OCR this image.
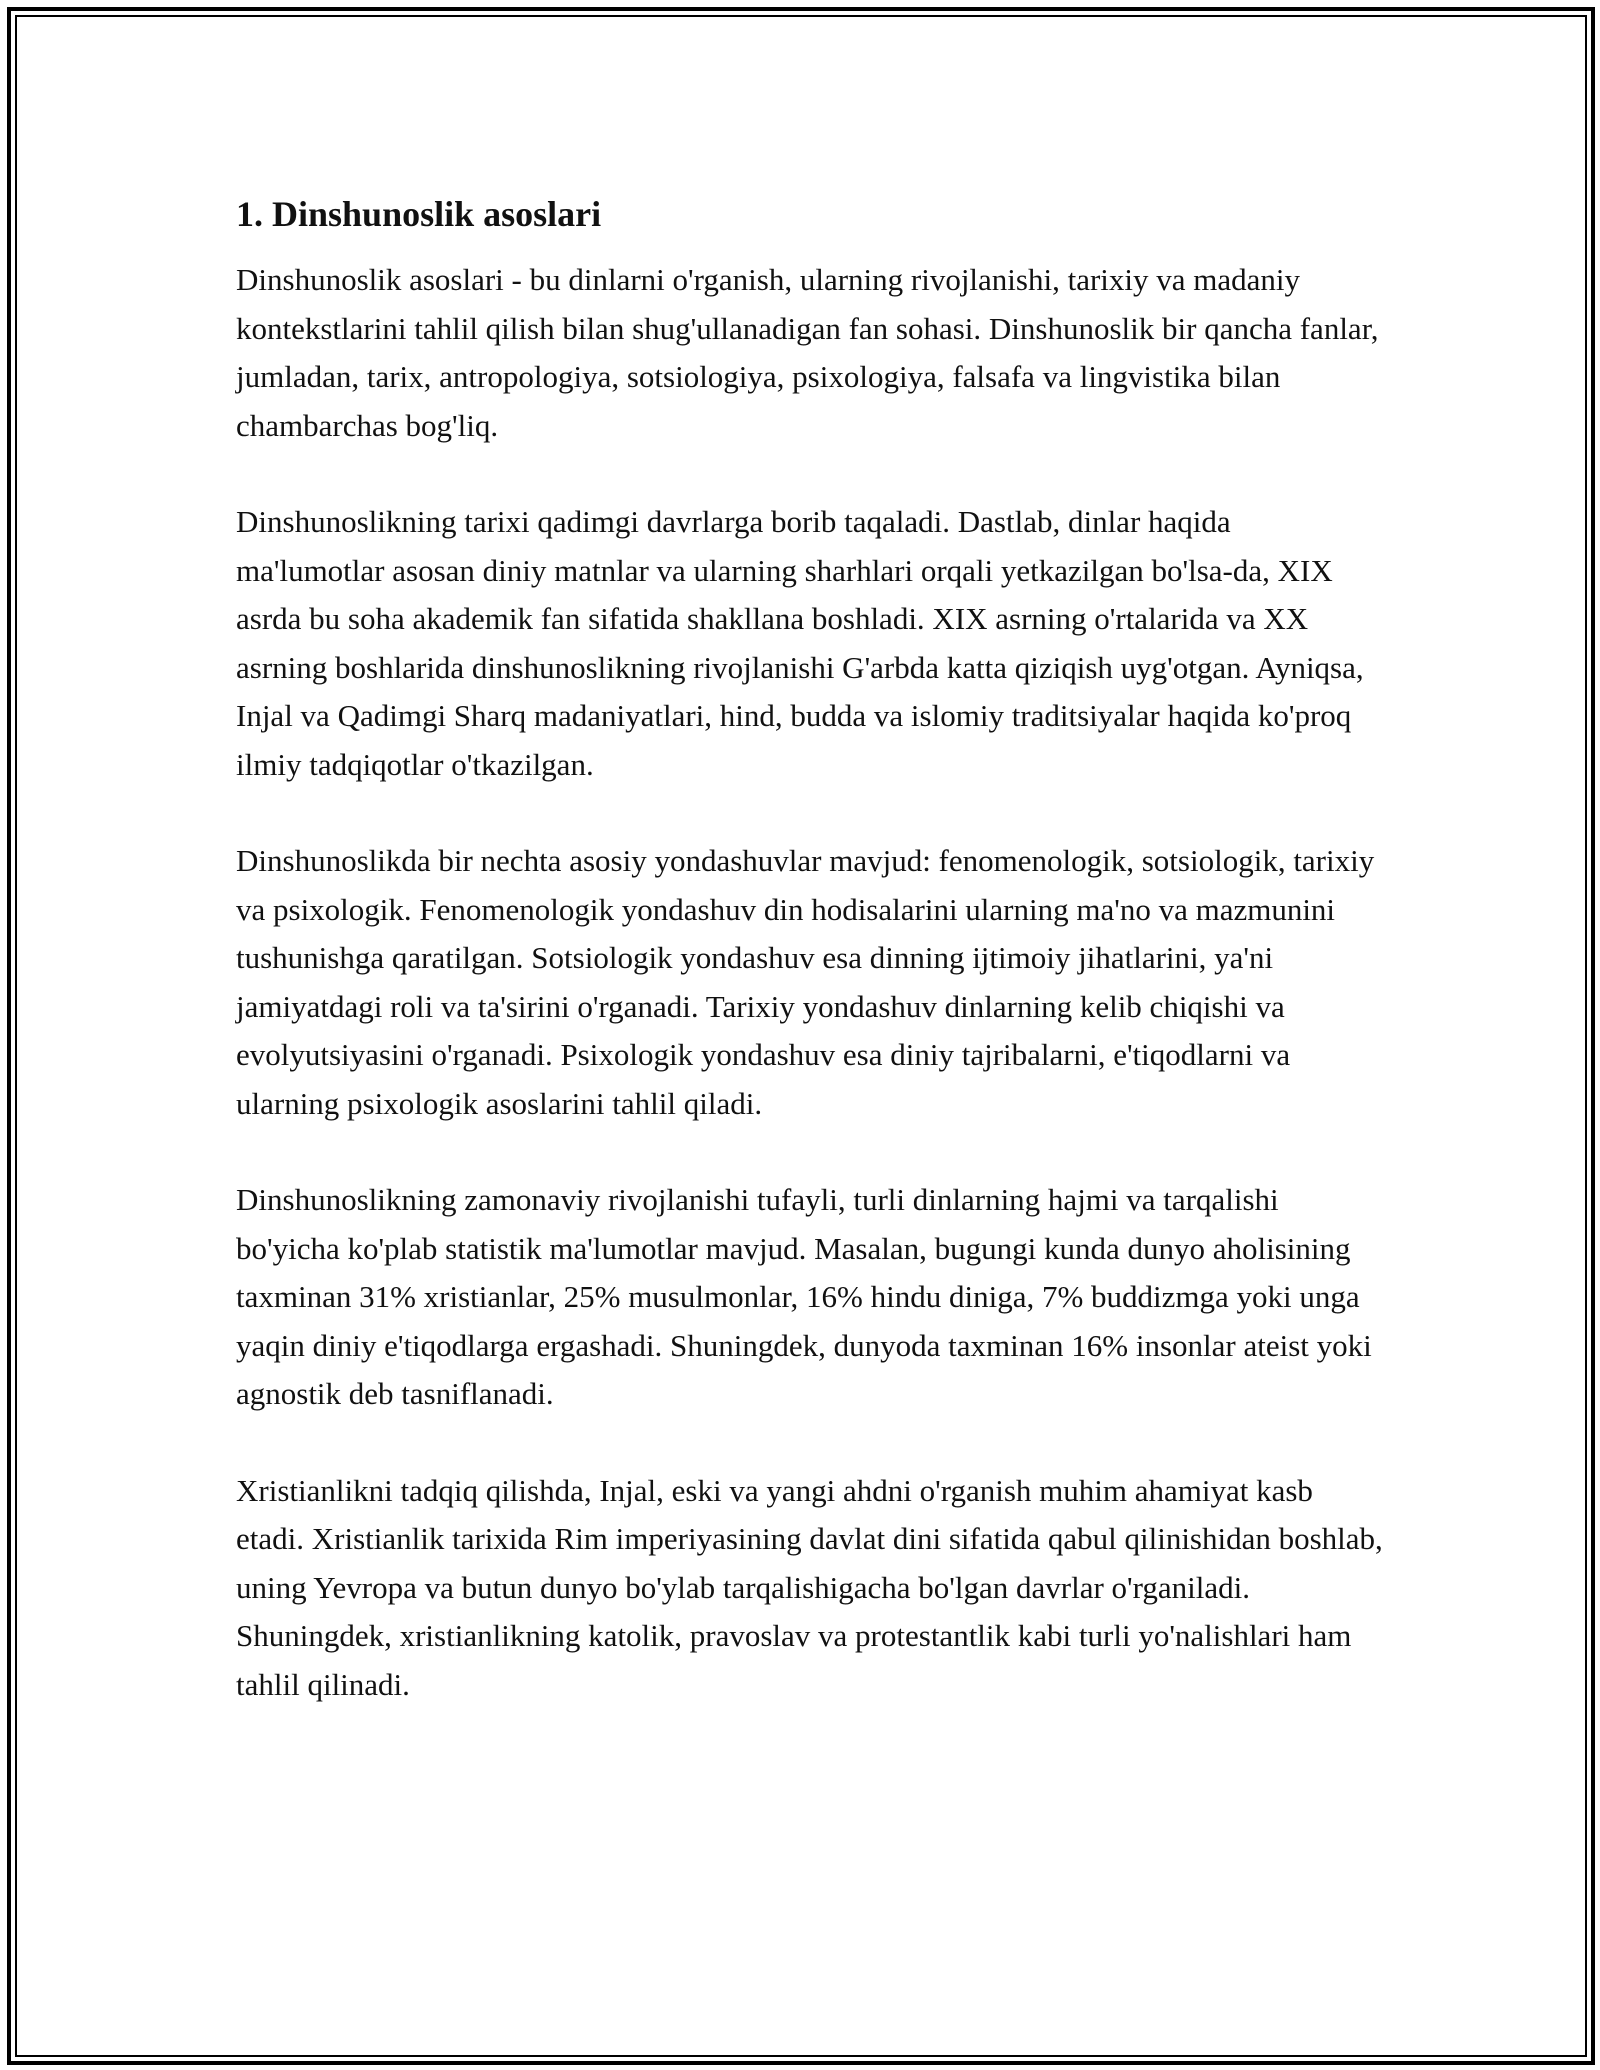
1. Dinshunoslik asoslari

Dinshunoslik asoslari - bu dinlarni o'rganish, ularning rivojlanishi, tarixiy va madaniy kontekstlarini tahlil qilish bilan shug'ullanadigan fan sohasi. Dinshunoslik bir qancha fanlar, jumladan, tarix, antropologiya, sotsiologiya, psixologiya, falsafa va lingvistika bilan chambarchas bog'liq.

Dinshunoslikning tarixi qadimgi davrlarga borib taqaladi. Dastlab, dinlar haqida ma'lumotlar asosan diniy matnlar va ularning sharhlari orqali yetkazilgan bo'lsa-da, XIX asrda bu soha akademik fan sifatida shakllana boshladi. XIX asrning o'rtalarida va XX asrning boshlarida dinshunoslikning rivojlanishi G'arbda katta qiziqish uyg'otgan. Ayniqsa, Injal va Qadimgi Sharq madaniyatlari, hind, budda va islomiy traditsiyalar haqida ko'proq ilmiy tadqiqotlar o'tkazilgan.

Dinshunoslikda bir nechta asosiy yondashuvlar mavjud: fenomenologik, sotsiologik, tarixiy va psixologik. Fenomenologik yondashuv din hodisalarini ularning ma'no va mazmunini tushunishga qaratilgan. Sotsiologik yondashuv esa dinning ijtimoiy jihatlarini, ya'ni jamiyatdagi roli va ta'sirini o'rganadi. Tarixiy yondashuv dinlarning kelib chiqishi va evolyutsiyasini o'rganadi. Psixologik yondashuv esa diniy tajribalarni, e'tiqodlarni va ularning psixologik asoslarini tahlil qiladi.

Dinshunoslikning zamonaviy rivojlanishi tufayli, turli dinlarning hajmi va tarqalishi bo'yicha ko'plab statistik ma'lumotlar mavjud. Masalan, bugungi kunda dunyo aholisining taxminan 31% xristianlar, 25% musulmonlar, 16% hindu diniga, 7% buddizmga yoki unga yaqin diniy e'tiqodlarga ergashadi. Shuningdek, dunyoda taxminan 16% insonlar ateist yoki agnostik deb tasniflanadi.

Xristianlikni tadqiq qilishda, Injal, eski va yangi ahdni o'rganish muhim ahamiyat kasb etadi. Xristianlik tarixida Rim imperiyasining davlat dini sifatida qabul qilinishidan boshlab, uning Yevropa va butun dunyo bo'ylab tarqalishigacha bo'lgan davrlar o'rganiladi. Shuningdek, xristianlikning katolik, pravoslav va protestantlik kabi turli yo'nalishlari ham tahlil qilinadi.
